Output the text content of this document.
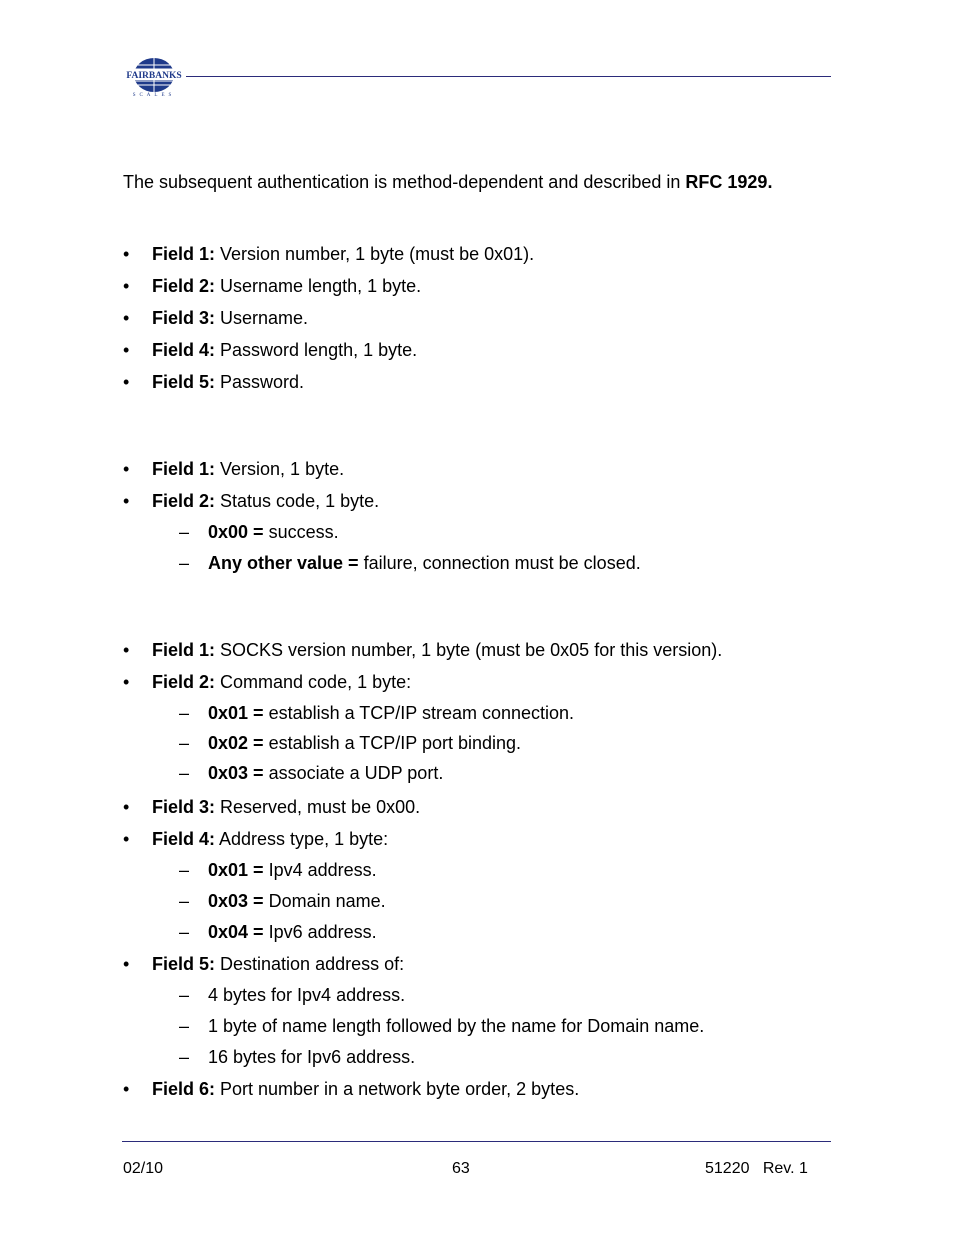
FAIRBANKS
SCALES
The subsequent authentication is method-dependent and described in RFC 1929.
• Field 1: Version number, 1 byte (must be 0x01).
• Field 2: Username length, 1 byte.
• Field 3: Username.
• Field 4: Password length, 1 byte.
• Field 5: Password.
• Field 1: Version, 1 byte.
• Field 2: Status code, 1 byte.
– 0x00 = success.
– Any other value = failure, connection must be closed.
• Field 1: SOCKS version number, 1 byte (must be 0x05 for this version).
• Field 2: Command code, 1 byte:
– 0x01 = establish a TCP/IP stream connection.
– 0x02 = establish a TCP/IP port binding.
– 0x03 = associate a UDP port.
• Field 3: Reserved, must be 0x00.
• Field 4: Address type, 1 byte:
– 0x01 = Ipv4 address.
– 0x03 = Domain name.
– 0x04 = Ipv6 address.
• Field 5: Destination address of:
– 4 bytes for Ipv4 address.
– 1 byte of name length followed by the name for Domain name.
– 16 bytes for Ipv6 address.
• Field 6: Port number in a network byte order, 2 bytes.
02/10	63	51220   Rev. 1
